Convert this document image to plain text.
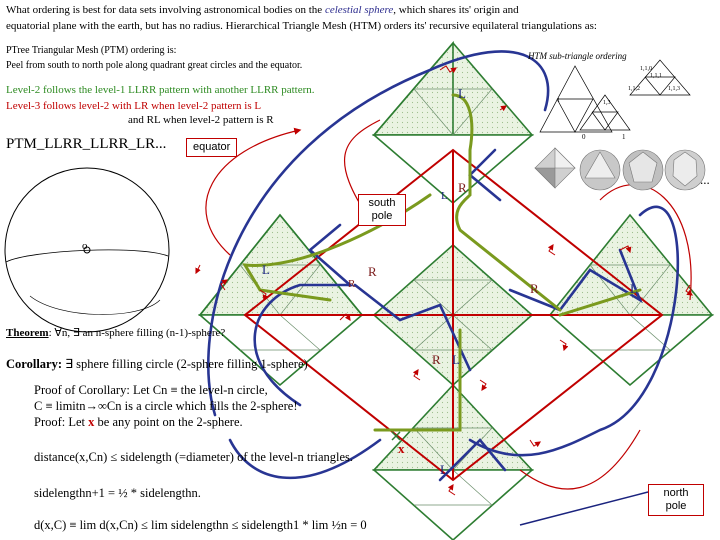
What ordering is best for data sets involving astronomical bodies on the celestial sphere, which shares its' origin and
equatorial plane with the earth, but has no radius. Hierarchical Triangle Mesh (HTM) orders its' recursive equilateral triangulations as:
PTree Triangular Mesh (PTM) ordering is:
Peel from south to north pole along quadrant great circles and the equator.
Level-2 follows the level-1 LLRR pattern with another LLRR pattern.
Level-3 follows level-2 with LR when level-2 pattern is L
and RL when level-2 pattern is R
PTM_LLRR_LLRR_LR...
HTM sub-triangle ordering
1,1,0
1,1,1
1,1,2	1,1,3
1	1,3
0	1
equator
south pole
north pole
...
o
L
R
L
L	R
R	R	L
R L
L
x
Theorem: ∀n, ∃ an n-sphere filling (n-1)-sphere?
Corollary: ∃ sphere filling circle (2-sphere filling 1-sphere)
Proof of Corollary: Let Cn ≡ the level-n circle,
C ≡ limitn→∞Cn is a circle which fills the 2-sphere!
Proof: Let x be any point on the 2-sphere.
distance(x,Cn) ≤ sidelength (=diameter) of the level-n triangles.
sidelengthn+1 = ½ * sidelengthn.
d(x,C) ≡ lim d(x,Cn) ≤ lim sidelengthn ≤ sidelength1 * lim ½n = 0
